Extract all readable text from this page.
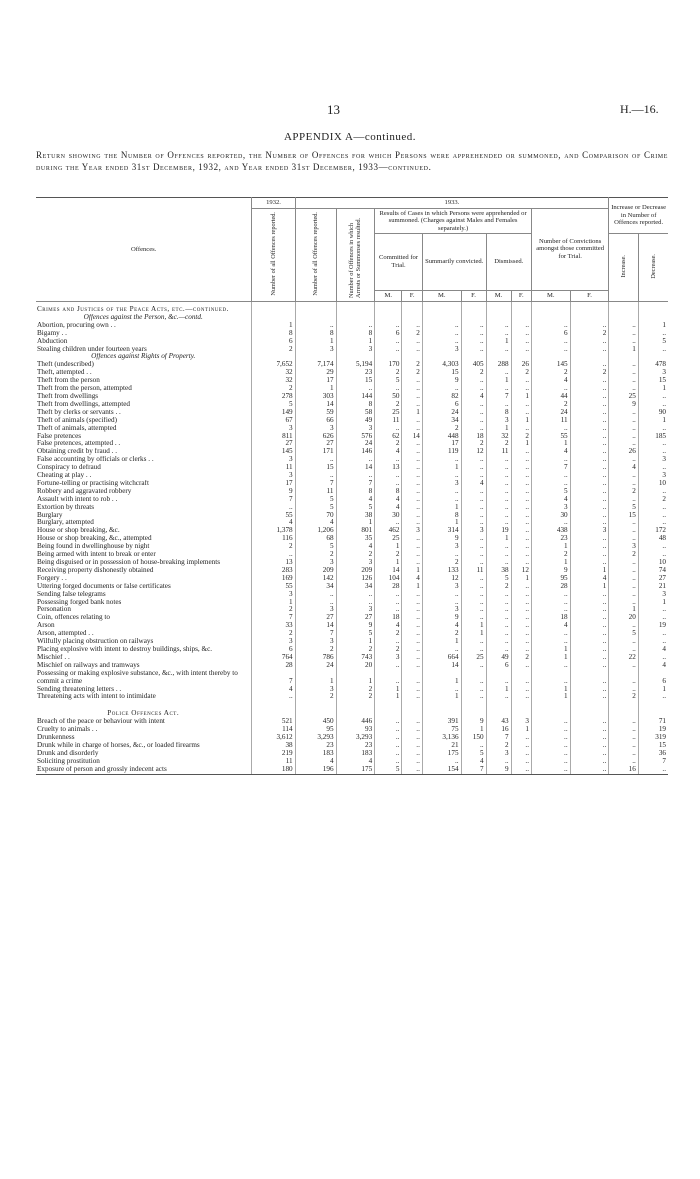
13	H.—16.
APPENDIX A—continued.
Return showing the Number of Offences reported, the Number of Offences for which Persons were apprehended or summoned, and Comparison of Crime during the Year ended 31st December, 1932, and Year ended 31st December, 1933—continued.
Offences.	1932.	1933.										Increase or Decrease in Number of Offences reported.	
	Number of all Offences reported.	Number of all Offences reported.	Number of Offences in which Arrests or Summonses resulted.	Results of Cases in which Persons were apprehended or summoned. (Charges against Males and Females separately.)						Number of Convictions amongst those committed for Trial.			
				Committed for Trial.		Summarily convicted.		Dismissed.				Increase.	Decrease.
				M.	F.	M.	F.	M.	F.	M.	F.		
Crimes and Justices of the Peace Acts, etc.—continued.													
Offences against the Person, &c.—contd.													
Abortion, procuring own . .	1	..	..	..	..	..	..	..	..	..	..	..	1
Bigamy . .	8	8	8	6	2	..	..	..	..	6	2	..	..
Abduction	6	1	1	..	..	..	..	1	..	..	..	..	5
Stealing children under fourteen years	2	3	3	..	..	3	..	..	..	..	..	1	..
Offences against Rights of Property.													
Theft (undescribed)	7,652	7,174	5,194	170	2	4,303	405	288	26	145	..	..	478
Theft, attempted . .	32	29	23	2	2	15	2	..	2	2	2	..	3
Theft from the person	32	17	15	5	..	9	..	1	..	4	..	..	15
Theft from the person, attempted	2	1	..	..	..	..	..	..	..	..	..	..	1
Theft from dwellings	278	303	144	50	..	82	4	7	1	44	..	25	..
Theft from dwellings, attempted	5	14	8	2	..	6	..	..	..	2	..	9	..
Theft by clerks or servants . .	149	59	58	25	1	24	..	8	..	24	..	..	90
Theft of animals (specified)	67	66	49	11	..	34	..	3	1	11	..	..	1
Theft of animals, attempted	3	3	3	..	..	2	..	1	..	..	..	..	..
False pretences	811	626	576	62	14	448	18	32	2	55	..	..	185
False pretences, attempted . .	27	27	24	2	..	17	2	2	1	1	..	..	..
Obtaining credit by fraud . .	145	171	146	4	..	119	12	11	..	4	..	26	..
False accounting by officials or clerks . .	3	..	..	..	..	..	..	..	..	..	..	..	3
Conspiracy to defraud	11	15	14	13	..	1	..	..	..	7	..	4	..
Cheating at play . .	3	..	..	..	..	..	..	..	..	..	..	..	3
Fortune-telling or practising witchcraft	17	7	7	..	..	3	4	..	..	..	..	..	10
Robbery and aggravated robbery	9	11	8	8	..	..	..	..	..	5	..	2	..
Assault with intent to rob . .	7	5	4	4	..	..	..	..	..	4	..	..	2
Extortion by threats	..	5	5	4	..	1	..	..	..	3	..	5	..
Burglary	55	70	38	30	..	8	..	..	..	30	..	15	..
Burglary, attempted	4	4	1	..	..	1	..	..	..	..	..	..	..
House or shop breaking, &c.	1,378	1,206	801	462	3	314	3	19	..	438	3	..	172
House or shop breaking, &c., attempted	116	68	35	25	..	9	..	1	..	23	..	..	48
Being found in dwellinghouse by night	2	5	4	1	..	3	..	..	..	1	..	3	..
Being armed with intent to break or enter	..	2	2	2	..	..	..	..	..	2	..	2	..
Being disguised or in possession of house-breaking implements	13	3	3	1	..	2	..	..	..	1	..	..	10
Receiving property dishonestly obtained	283	209	209	14	1	133	11	38	12	9	1	..	74
Forgery . .	169	142	126	104	4	12	..	5	1	95	4	..	27
Uttering forged documents or false certificates	55	34	34	28	1	3	..	2	..	28	1	..	21
Sending false telegrams	3	..	..	..	..	..	..	..	..	..	..	..	3
Possessing forged bank notes	1	..	..	..	..	..	..	..	..	..	..	..	1
Personation	2	3	3	..	..	3	..	..	..	..	..	1	..
Coin, offences relating to	7	27	27	18	..	9	..	..	..	18	..	20	..
Arson	33	14	9	4	..	4	1	..	..	4	..	..	19
Arson, attempted . .	2	7	5	2	..	2	1	..	..	..	..	5	..
Wilfully placing obstruction on railways	3	3	1	..	..	1	..	..	..	..	..	..	..
Placing explosive with intent to destroy buildings, ships, &c.	6	2	2	2	..	..	..	..	..	1	..	..	4
Mischief . .	764	786	743	3	..	664	25	49	2	1	..	22	..
Mischief on railways and tramways	28	24	20	..	..	14	..	6	..	..	..	..	4
Possessing or making explosive substance, &c., with intent thereby to commit a crime	7	1	1	..	..	1	..	..	..	..	..	..	6
Sending threatening letters . .	4	3	2	1	..	..	..	1	..	1	..	..	1
Threatening acts with intent to intimidate	..	2	2	1	..	1	..	..	..	1	..	2	..
Police Offences Act.													
Breach of the peace or behaviour with intent	521	450	446	..	..	391	9	43	3	..	..	..	71
Cruelty to animals . .	114	95	93	..	..	75	1	16	1	..	..	..	19
Drunkenness	3,612	3,293	3,293	..	..	3,136	150	7	..	..	..	..	319
Drunk while in charge of horses, &c., or loaded firearms	38	23	23	..	..	21	..	2	..	..	..	..	15
Drunk and disorderly	219	183	183	..	..	175	5	3	..	..	..	..	36
Soliciting prostitution	11	4	4	..	..	..	4	..	..	..	..	..	7
Exposure of person and grossly indecent acts	180	196	175	5	..	154	7	9	..	..	..	16	..
